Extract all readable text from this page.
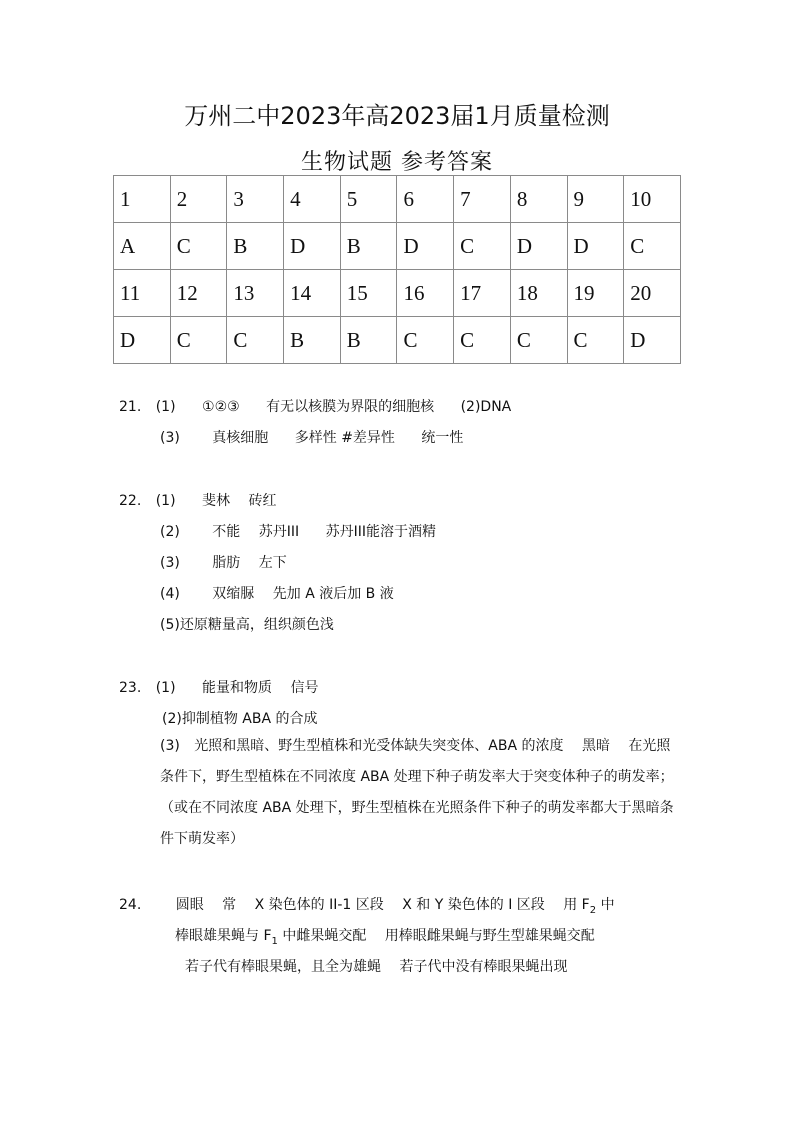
万州二中2023年高2023届1月质量检测
生物试题 参考答案
1	2	3	4	5	6	7	8	9	10
A	C	B	D	B	D	C	D	D	C
11	12	13	14	15	16	17	18	19	20
D	C	C	B	B	C	C	C	C	D
21. (1) ①②③ 有无以核膜为界限的细胞核 (2)DNA
(3) 真核细胞 多样性 #差异性 统一性
22. (1) 斐林 砖红
(2) 不能 苏丹III 苏丹III能溶于酒精
(3) 脂肪 左下
(4) 双缩脲 先加 A 液后加 B 液
(5)还原糖量高，组织颜色浅
23. (1) 能量和物质 信号
(2)抑制植物 ABA 的合成
(3) 光照和黑暗、野生型植株和光受体缺失突变体、ABA 的浓度 黑暗 在光照条件下，野生型植株在不同浓度 ABA 处理下种子萌发率大于突变体种子的萌发率；（或在不同浓度 ABA 处理下，野生型植株在光照条件下种子的萌发率都大于黑暗条件下萌发率）
24. 圆眼 常 X 染色体的 II-1 区段 X 和 Y 染色体的 I 区段 用 $F_2$ 中
棒眼雄果蝇与 $F_1$ 中雌果蝇交配 用棒眼雌果蝇与野生型雄果蝇交配
若子代有棒眼果蝇，且全为雄蝇 若子代中没有棒眼果蝇出现
